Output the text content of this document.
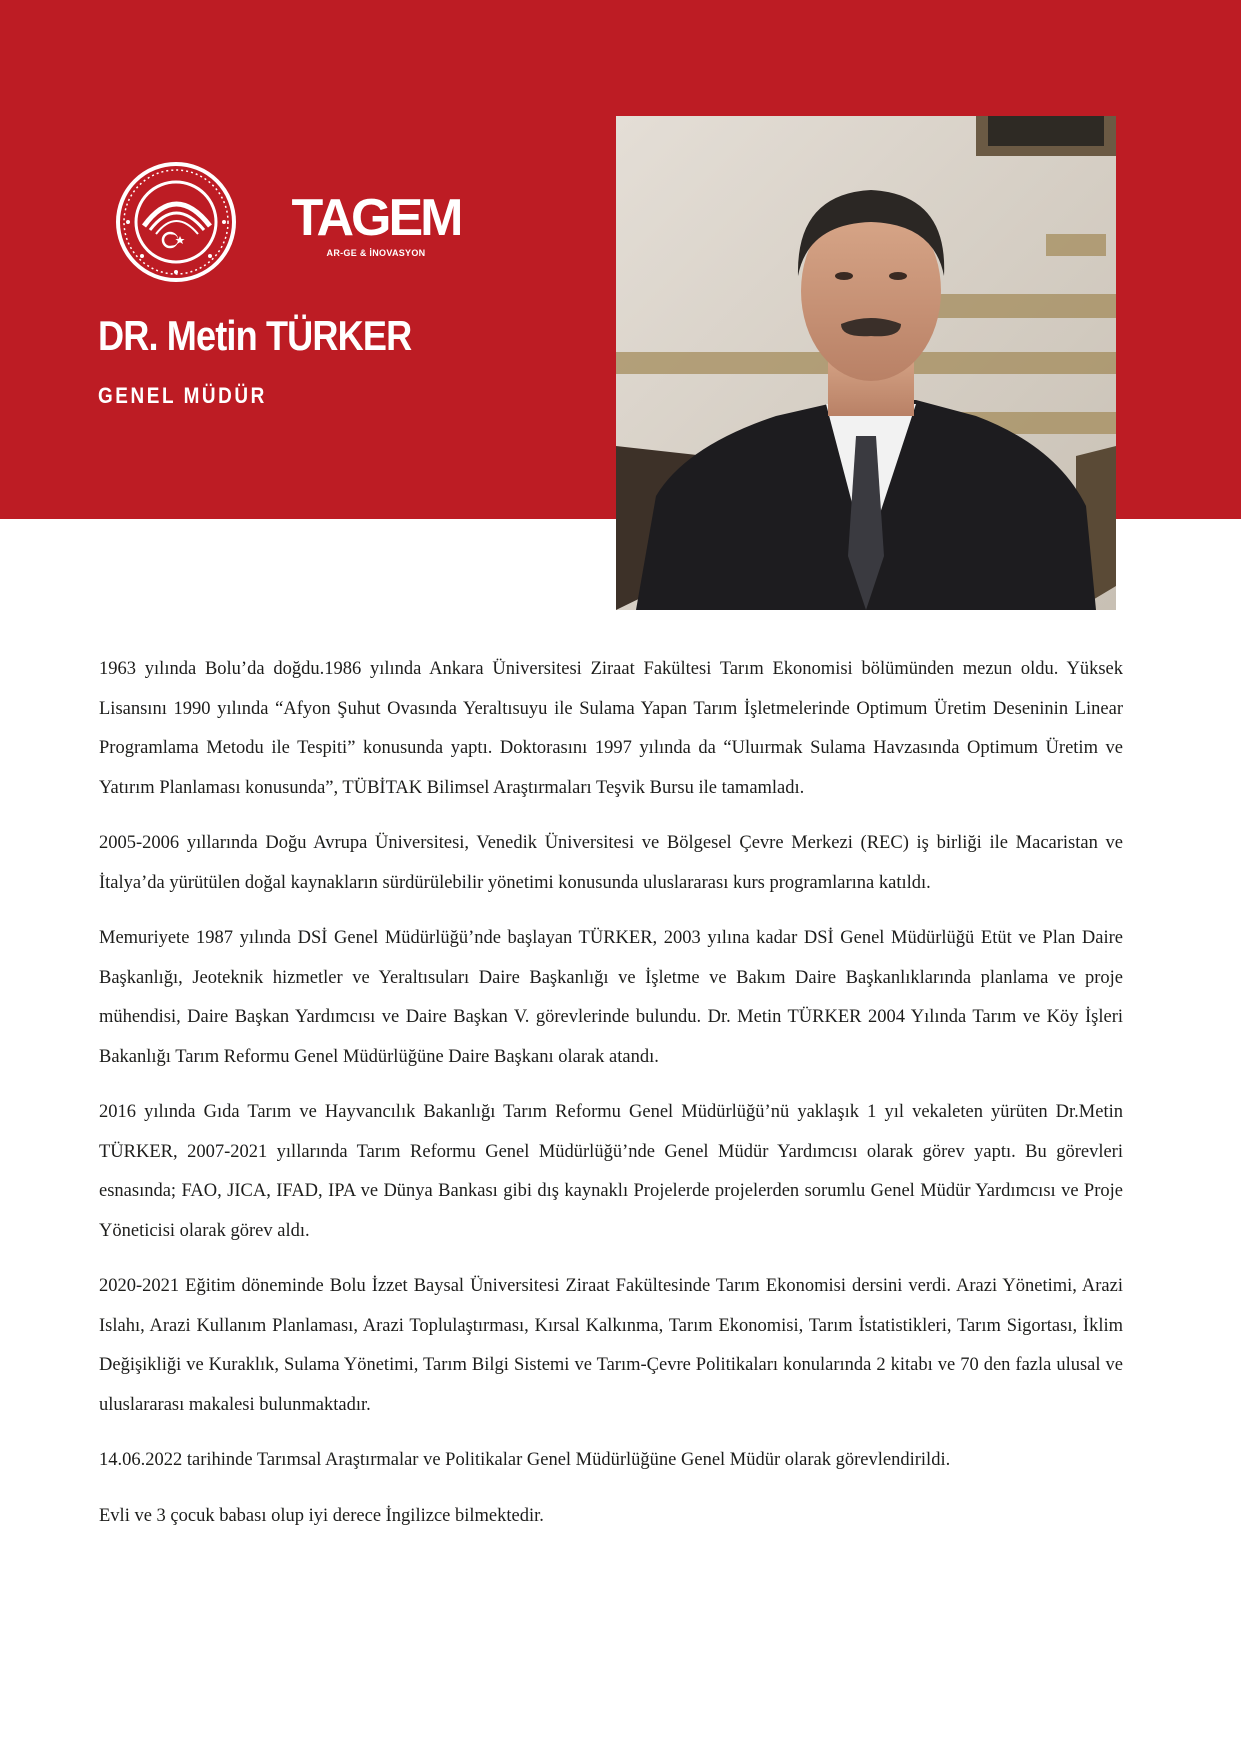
TAGEM
AR-GE & İNOVASYON
DR. Metin TÜRKER
GENEL MÜDÜR

1963 yılında Bolu’da doğdu.1986 yılında Ankara Üniversitesi Ziraat Fakültesi Tarım Ekonomisi bölümünden mezun oldu. Yüksek Lisansını 1990 yılında “Afyon Şuhut Ovasında Yeraltısuyu ile Sulama Yapan Tarım İşletmelerinde Optimum Üretim Deseninin Linear Programlama Metodu ile Tespiti” konusunda yaptı. Doktorasını 1997 yılında da “Uluırmak Sulama Havzasında Optimum Üretim ve Yatırım Planlaması konusunda”, TÜBİTAK Bilimsel Araştırmaları Teşvik Bursu ile tamamladı.

2005-2006 yıllarında Doğu Avrupa Üniversitesi, Venedik Üniversitesi ve Bölgesel Çevre Merkezi (REC) iş birliği ile Macaristan ve İtalya’da yürütülen doğal kaynakların sürdürülebilir yönetimi konusunda uluslararası kurs programlarına katıldı.

Memuriyete 1987 yılında DSİ Genel Müdürlüğü’nde başlayan TÜRKER, 2003 yılına kadar DSİ Genel Müdürlüğü Etüt ve Plan Daire Başkanlığı, Jeoteknik hizmetler ve Yeraltısuları Daire Başkanlığı ve İşletme ve Bakım Daire Başkanlıklarında planlama ve proje mühendisi, Daire Başkan Yardımcısı ve Daire Başkan V. görevlerinde bulundu. Dr. Metin TÜRKER 2004 Yılında Tarım ve Köy İşleri Bakanlığı Tarım Reformu Genel Müdürlüğüne Daire Başkanı olarak atandı.

2016 yılında Gıda Tarım ve Hayvancılık Bakanlığı Tarım Reformu Genel Müdürlüğü’nü yaklaşık 1 yıl vekaleten yürüten Dr.Metin TÜRKER, 2007-2021 yıllarında Tarım Reformu Genel Müdürlüğü’nde Genel Müdür Yardımcısı olarak görev yaptı. Bu görevleri esnasında; FAO, JICA, IFAD, IPA ve Dünya Bankası gibi dış kaynaklı Projelerde projelerden sorumlu Genel Müdür Yardımcısı ve Proje Yöneticisi olarak görev aldı.

2020-2021 Eğitim döneminde Bolu İzzet Baysal Üniversitesi Ziraat Fakültesinde Tarım Ekonomisi dersini verdi. Arazi Yönetimi, Arazi Islahı, Arazi Kullanım Planlaması, Arazi Toplulaştırması, Kırsal Kalkınma, Tarım Ekonomisi, Tarım İstatistikleri, Tarım Sigortası, İklim Değişikliği ve Kuraklık, Sulama Yönetimi, Tarım Bilgi Sistemi ve Tarım-Çevre Politikaları konularında 2 kitabı ve 70 den fazla ulusal ve uluslararası makalesi bulunmaktadır.

14.06.2022 tarihinde Tarımsal Araştırmalar ve Politikalar Genel Müdürlüğüne Genel Müdür olarak görevlendirildi.

Evli ve 3 çocuk babası olup iyi derece İngilizce bilmektedir.
